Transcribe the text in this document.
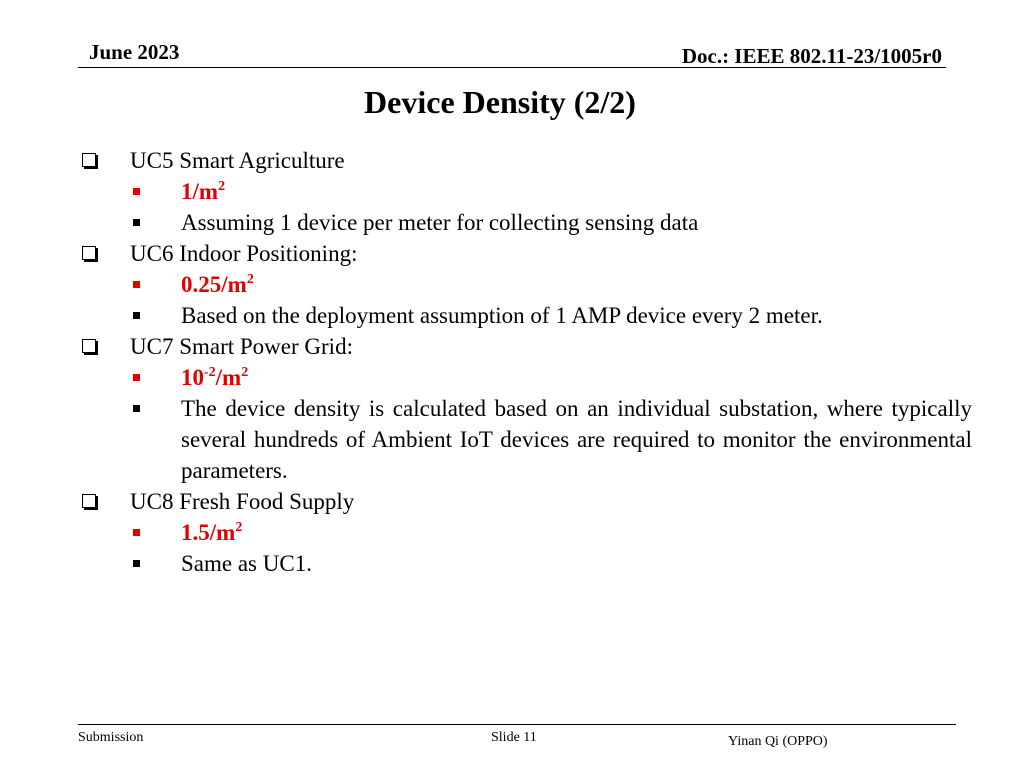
June 2023	Doc.: IEEE 802.11-23/1005r0
Device Density (2/2)
UC5 Smart Agriculture
$1/m^2$
Assuming 1 device per meter for collecting sensing data
UC6 Indoor Positioning:
$0.25/m^2$
Based on the deployment assumption of 1 AMP device every 2 meter.
UC7 Smart Power Grid:
$10^{-2}/m^2$
The device density is calculated based on an individual substation, where typically several hundreds of Ambient IoT devices are required to monitor the environmental parameters.
UC8 Fresh Food Supply
$1.5/m^2$
Same as UC1.
Submission	Slide 11	Yinan Qi (OPPO)
